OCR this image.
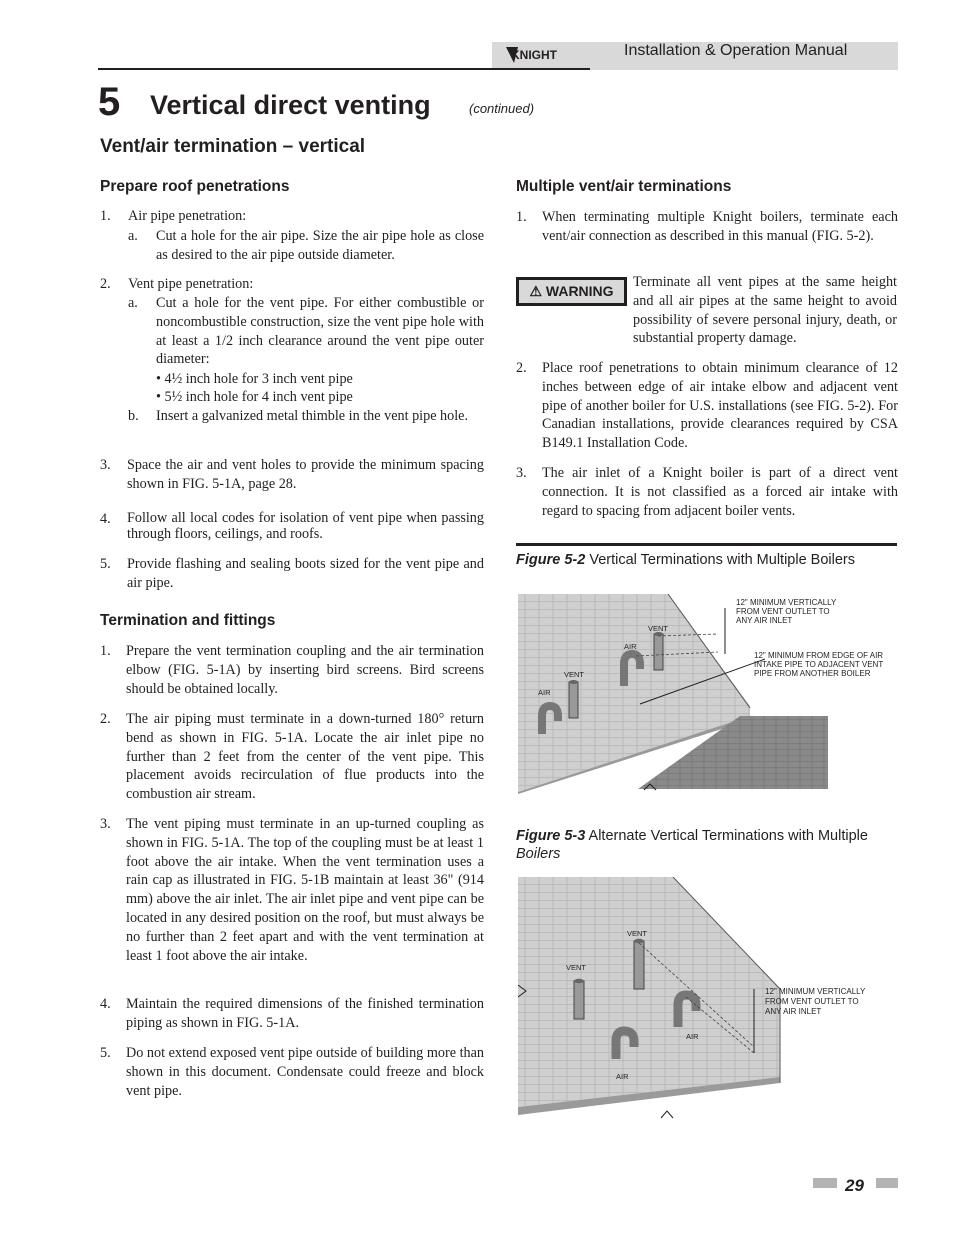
KNIGHT	Installation & Operation Manual
5 Vertical direct venting	(continued)
Vent/air termination – vertical
Prepare roof penetrations
1. Air pipe penetration:
a. Cut a hole for the air pipe. Size the air pipe hole as close as desired to the air pipe outside diameter.
2. Vent pipe penetration:
a. Cut a hole for the vent pipe. For either combustible or noncombustible construction, size the vent pipe hole with at least a 1/2 inch clearance around the vent pipe outer diameter:
• 4½ inch hole for 3 inch vent pipe
• 5½ inch hole for 4 inch vent pipe
b. Insert a galvanized metal thimble in the vent pipe hole.
3. Space the air and vent holes to provide the minimum spacing shown in FIG. 5-1A, page 28.
4. Follow all local codes for isolation of vent pipe when passing through floors, ceilings, and roofs.
5. Provide flashing and sealing boots sized for the vent pipe and air pipe.
Termination and fittings
1. Prepare the vent termination coupling and the air termination elbow (FIG. 5-1A) by inserting bird screens. Bird screens should be obtained locally.
2. The air piping must terminate in a down-turned 180° return bend as shown in FIG. 5-1A. Locate the air inlet pipe no further than 2 feet from the center of the vent pipe. This placement avoids recirculation of flue products into the combustion air stream.
3. The vent piping must terminate in an up-turned coupling as shown in FIG. 5-1A. The top of the coupling must be at least 1 foot above the air intake. When the vent termination uses a rain cap as illustrated in FIG. 5-1B maintain at least 36" (914 mm) above the air inlet. The air inlet pipe and vent pipe can be located in any desired position on the roof, but must always be no further than 2 feet apart and with the vent termination at least 1 foot above the air intake.
4. Maintain the required dimensions of the finished termination piping as shown in FIG. 5-1A.
5. Do not extend exposed vent pipe outside of building more than shown in this document. Condensate could freeze and block vent pipe.
Multiple vent/air terminations
1. When terminating multiple Knight boilers, terminate each vent/air connection as described in this manual (FIG. 5-2).
⚠ WARNING
Terminate all vent pipes at the same height and all air pipes at the same height to avoid possibility of severe personal injury, death, or substantial property damage.
2. Place roof penetrations to obtain minimum clearance of 12 inches between edge of air intake elbow and adjacent vent pipe of another boiler for U.S. installations (see FIG. 5-2). For Canadian installations, provide clearances required by CSA B149.1 Installation Code.
3. The air inlet of a Knight boiler is part of a direct vent connection. It is not classified as a forced air intake with regard to spacing from adjacent boiler vents.
Figure 5-2 Vertical Terminations with Multiple Boilers
VENT
AIR
VENT
AIR
12" MINIMUM VERTICALLY
FROM VENT OUTLET TO
ANY AIR INLET
12" MINIMUM FROM EDGE OF AIR
INTAKE PIPE TO ADJACENT VENT
PIPE FROM ANOTHER BOILER
Figure 5-3 Alternate Vertical Terminations with Multiple
Boilers
VENT
VENT
AIR
AIR
12" MINIMUM VERTICALLY
FROM VENT OUTLET TO
ANY AIR INLET
29
